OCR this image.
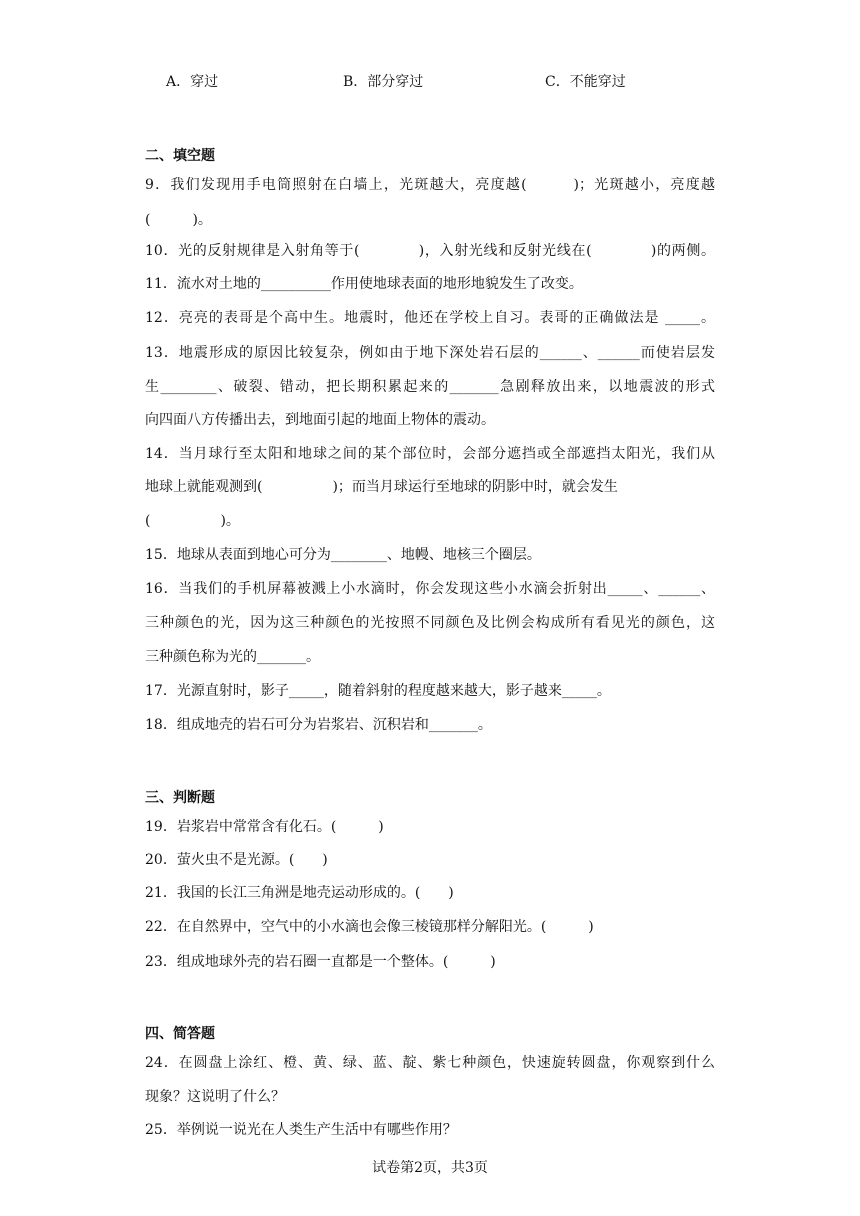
A．穿过	B．部分穿过	C．不能穿过
二、填空题
9．我们发现用手电筒照射在白墙上，光斑越大，亮度越(　　　)；光斑越小，亮度越
(　　　)。
10．光的反射规律是入射角等于(　　　　)，入射光线和反射光线在(　　　　)的两侧。
11．流水对土地的__________作用使地球表面的地形地貌发生了改变。
12．亮亮的表哥是个高中生。地震时，他还在学校上自习。表哥的正确做法是 _____。
13．地震形成的原因比较复杂，例如由于地下深处岩石层的______、______而使岩层发
生________、破裂、错动，把长期积累起来的_______急剧释放出来，以地震波的形式
向四面八方传播出去，到地面引起的地面上物体的震动。
14．当月球行至太阳和地球之间的某个部位时，会部分遮挡或全部遮挡太阳光，我们从
地球上就能观测到(　　　　　)；而当月球运行至地球的阴影中时，就会发生
(　　　　　)。
15．地球从表面到地心可分为________、地幔、地核三个圈层。
16．当我们的手机屏幕被溅上小水滴时，你会发现这些小水滴会折射出_____、______、
三种颜色的光，因为这三种颜色的光按照不同颜色及比例会构成所有看见光的颜色，这
三种颜色称为光的_______。
17．光源直射时，影子_____，随着斜射的程度越来越大，影子越来_____。
18．组成地壳的岩石可分为岩浆岩、沉积岩和_______。
三、判断题
19．岩浆岩中常常含有化石。(　　　)
20．萤火虫不是光源。(　　)
21．我国的长江三角洲是地壳运动形成的。(　　)
22．在自然界中，空气中的小水滴也会像三棱镜那样分解阳光。(　　　)
23．组成地球外壳的岩石圈一直都是一个整体。(　　　)
四、简答题
24．在圆盘上涂红、橙、黄、绿、蓝、靛、紫七种颜色，快速旋转圆盘，你观察到什么
现象？这说明了什么？
25．举例说一说光在人类生产生活中有哪些作用？
试卷第2页，共3页
